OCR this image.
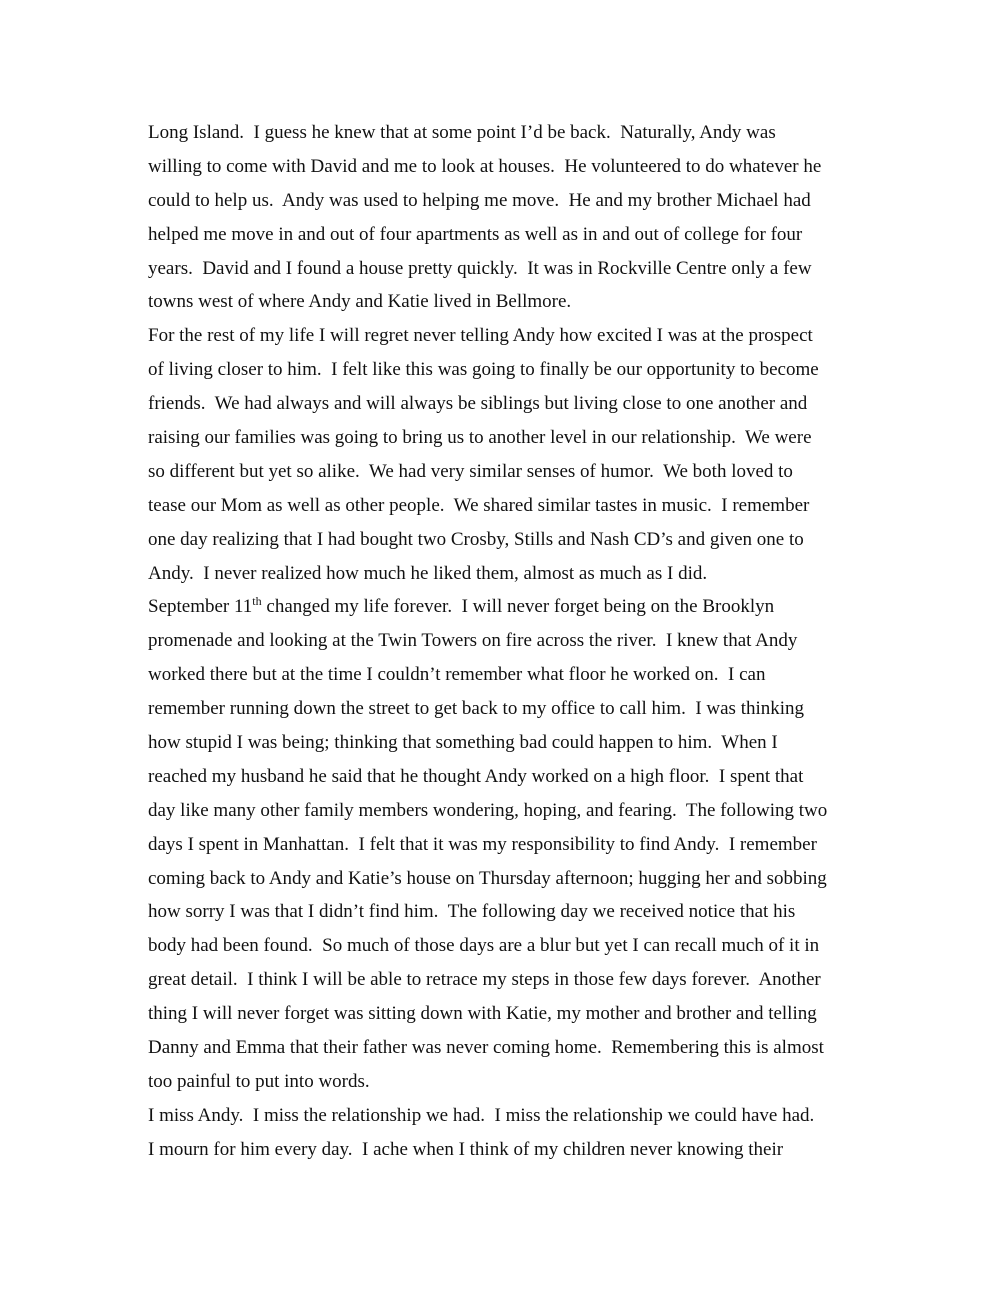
Long Island.  I guess he knew that at some point I’d be back.  Naturally, Andy was
willing to come with David and me to look at houses.  He volunteered to do whatever he
could to help us.  Andy was used to helping me move.  He and my brother Michael had
helped me move in and out of four apartments as well as in and out of college for four
years.  David and I found a house pretty quickly.  It was in Rockville Centre only a few
towns west of where Andy and Katie lived in Bellmore.
For the rest of my life I will regret never telling Andy how excited I was at the prospect
of living closer to him.  I felt like this was going to finally be our opportunity to become
friends.  We had always and will always be siblings but living close to one another and
raising our families was going to bring us to another level in our relationship.  We were
so different but yet so alike.  We had very similar senses of humor.  We both loved to
tease our Mom as well as other people.  We shared similar tastes in music.  I remember
one day realizing that I had bought two Crosby, Stills and Nash CD’s and given one to
Andy.  I never realized how much he liked them, almost as much as I did.
September 11th changed my life forever.  I will never forget being on the Brooklyn
promenade and looking at the Twin Towers on fire across the river.  I knew that Andy
worked there but at the time I couldn’t remember what floor he worked on.  I can
remember running down the street to get back to my office to call him.  I was thinking
how stupid I was being; thinking that something bad could happen to him.  When I
reached my husband he said that he thought Andy worked on a high floor.  I spent that
day like many other family members wondering, hoping, and fearing.  The following two
days I spent in Manhattan.  I felt that it was my responsibility to find Andy.  I remember
coming back to Andy and Katie’s house on Thursday afternoon; hugging her and sobbing
how sorry I was that I didn’t find him.  The following day we received notice that his
body had been found.  So much of those days are a blur but yet I can recall much of it in
great detail.  I think I will be able to retrace my steps in those few days forever.  Another
thing I will never forget was sitting down with Katie, my mother and brother and telling
Danny and Emma that their father was never coming home.  Remembering this is almost
too painful to put into words.
I miss Andy.  I miss the relationship we had.  I miss the relationship we could have had.
I mourn for him every day.  I ache when I think of my children never knowing their
